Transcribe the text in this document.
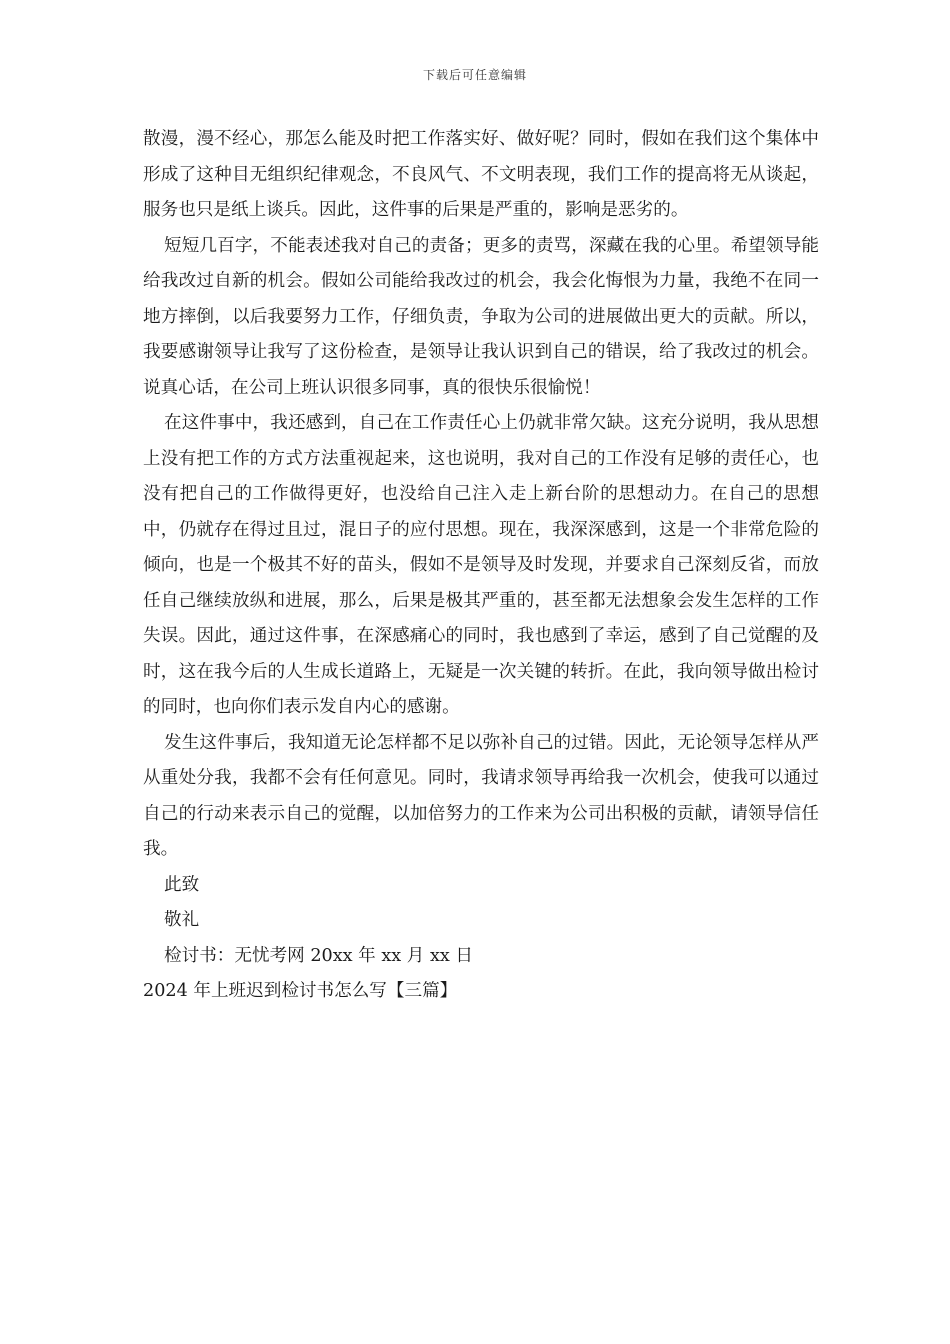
下载后可任意编辑

散漫，漫不经心，那怎么能及时把工作落实好、做好呢？同时，假如在我们这个集体中形成了这种目无组织纪律观念，不良风气、不文明表现，我们工作的提高将无从谈起，服务也只是纸上谈兵。因此，这件事的后果是严重的，影响是恶劣的。

短短几百字，不能表述我对自己的责备；更多的责骂，深藏在我的心里。希望领导能给我改过自新的机会。假如公司能给我改过的机会，我会化悔恨为力量，我绝不在同一地方摔倒，以后我要努力工作，仔细负责，争取为公司的进展做出更大的贡献。所以，我要感谢领导让我写了这份检查，是领导让我认识到自己的错误，给了我改过的机会。说真心话，在公司上班认识很多同事，真的很快乐很愉悦！

在这件事中，我还感到，自己在工作责任心上仍就非常欠缺。这充分说明，我从思想上没有把工作的方式方法重视起来，这也说明，我对自己的工作没有足够的责任心，也没有把自己的工作做得更好，也没给自己注入走上新台阶的思想动力。在自己的思想中，仍就存在得过且过，混日子的应付思想。现在，我深深感到，这是一个非常危险的倾向，也是一个极其不好的苗头，假如不是领导及时发现，并要求自己深刻反省，而放任自己继续放纵和进展，那么，后果是极其严重的，甚至都无法想象会发生怎样的工作失误。因此，通过这件事，在深感痛心的同时，我也感到了幸运，感到了自己觉醒的及时，这在我今后的人生成长道路上，无疑是一次关键的转折。在此，我向领导做出检讨的同时，也向你们表示发自内心的感谢。

发生这件事后，我知道无论怎样都不足以弥补自己的过错。因此，无论领导怎样从严从重处分我，我都不会有任何意见。同时，我请求领导再给我一次机会，使我可以通过自己的行动来表示自己的觉醒，以加倍努力的工作来为公司出积极的贡献，请领导信任我。

此致

敬礼

检讨书：无忧考网 20xx 年 xx 月 xx 日

2024 年上班迟到检讨书怎么写【三篇】
